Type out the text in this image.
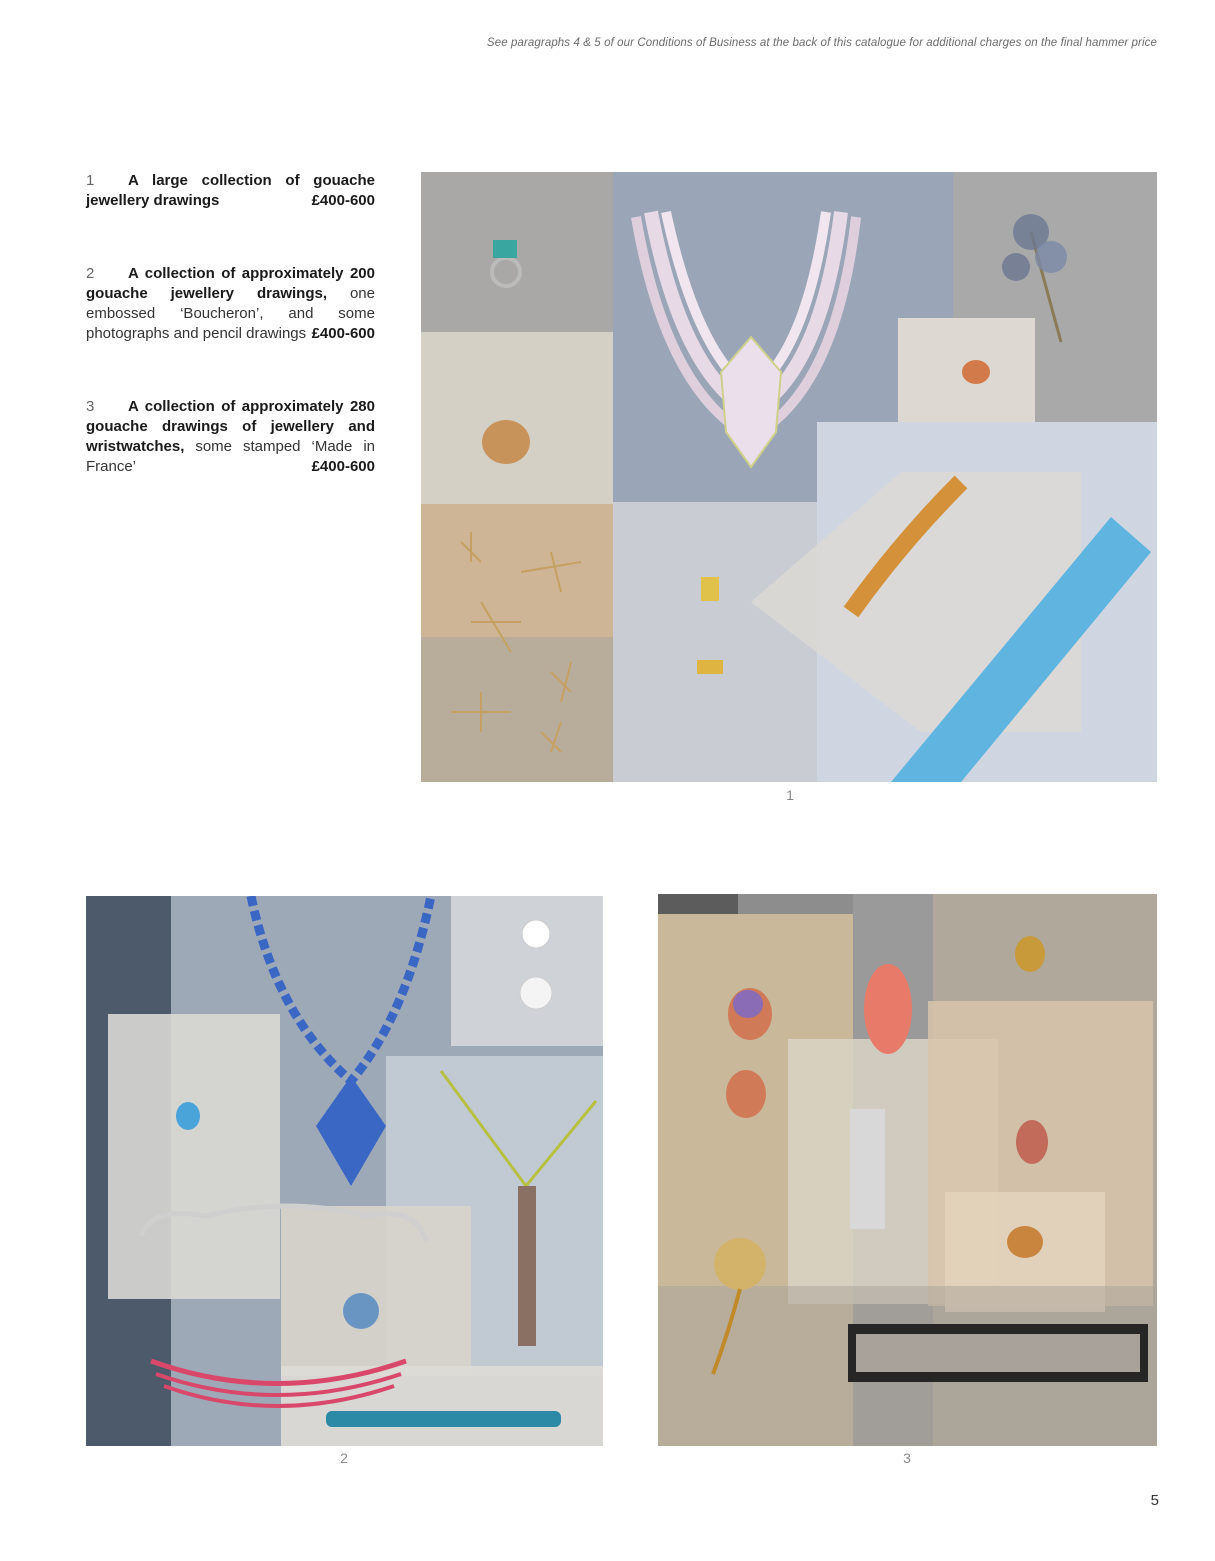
See paragraphs 4 & 5 of our Conditions of Business at the back of this catalogue for additional charges on the final hammer price
1 A large collection of gouache jewellery drawings	£400-600
2 A collection of approximately 200 gouache jewellery drawings, one embossed ‘Boucheron’, and some photographs and pencil drawings £400-600
3 A collection of approximately 280 gouache drawings of jewellery and wristwatches, some stamped ‘Made in France’	£400-600
1
2	3
5
